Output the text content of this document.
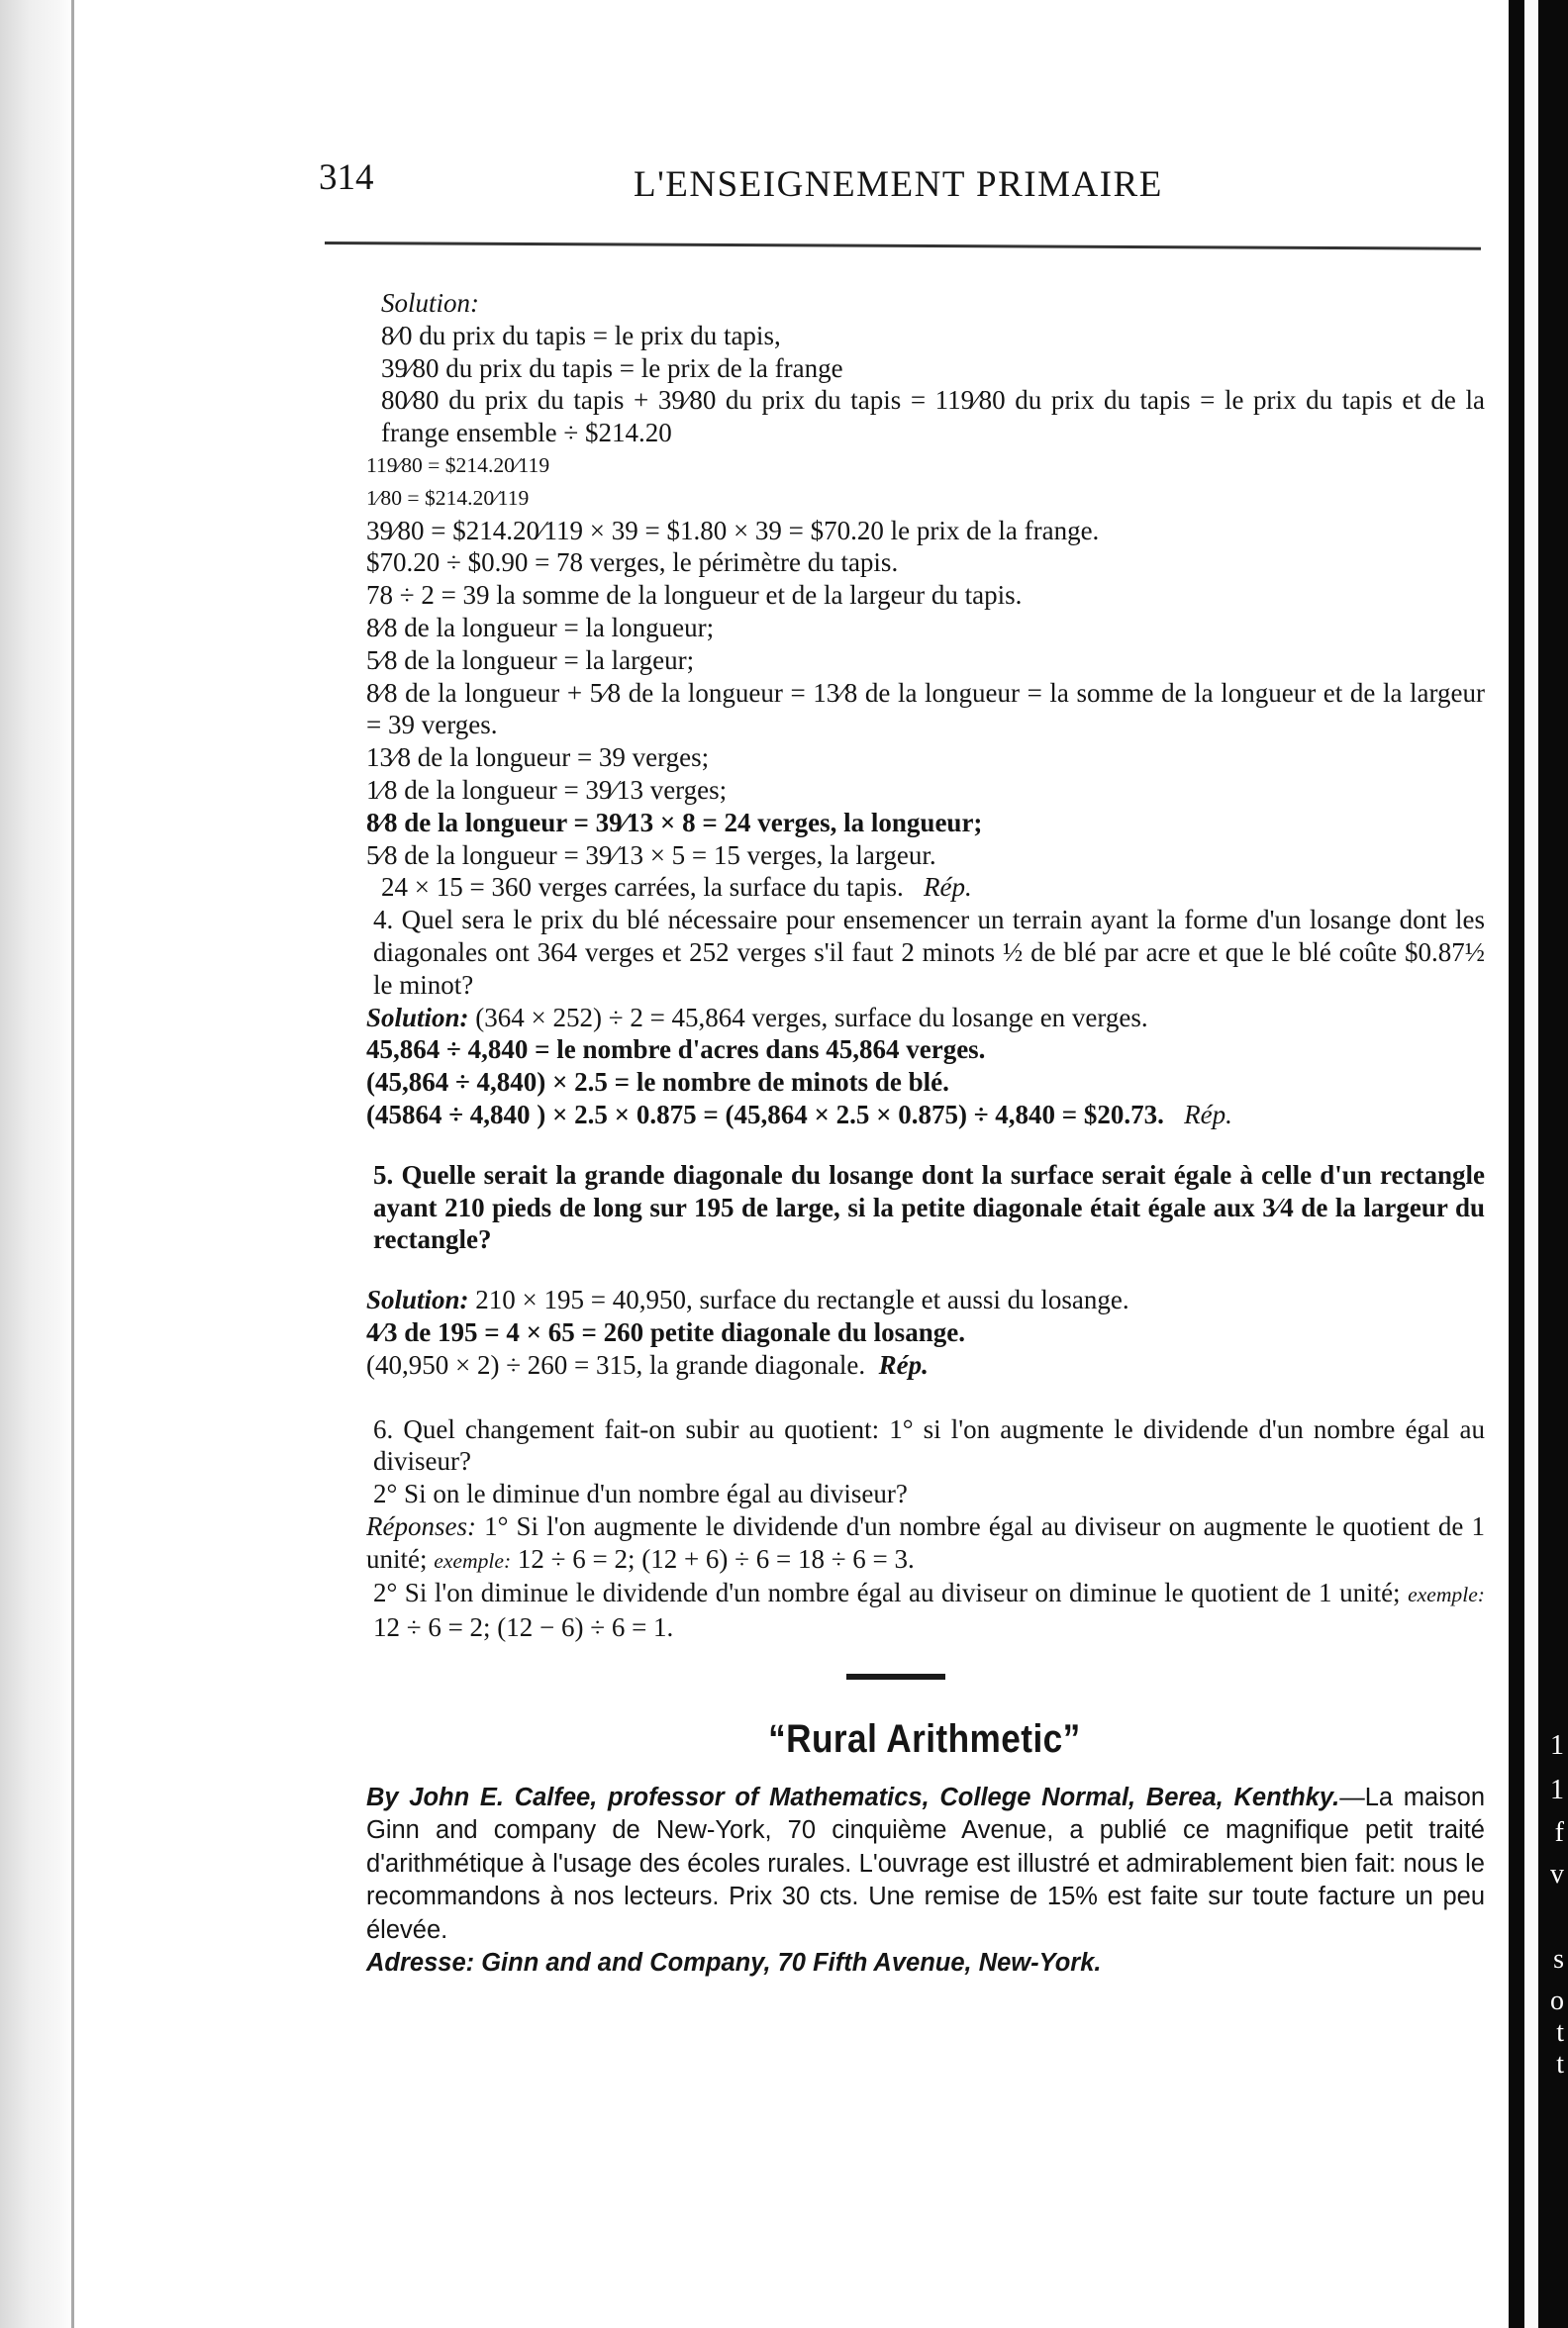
1
1
f
v
s
o
t
t
314	L'ENSEIGNEMENT PRIMAIRE

Solution:

8⁄0 du prix du tapis = le prix du tapis,

39⁄80 du prix du tapis = le prix de la frange

80⁄80 du prix du tapis + 39⁄80 du prix du tapis = 119⁄80 du prix du tapis = le prix du tapis et de la frange ensemble ÷ $214.20

119⁄80 = $214.20⁄119

1⁄80 = $214.20⁄119

39⁄80 = $214.20⁄119 × 39 = $1.80 × 39 = $70.20 le prix de la frange.

$70.20 ÷ $0.90 = 78 verges, le périmètre du tapis.

78 ÷ 2 = 39 la somme de la longueur et de la largeur du tapis.

8⁄8 de la longueur = la longueur;

5⁄8 de la longueur = la largeur;

8⁄8 de la longueur + 5⁄8 de la longueur = 13⁄8 de la longueur = la somme de la longueur et de la largeur = 39 verges.

13⁄8 de la longueur = 39 verges;

1⁄8 de la longueur = 39⁄13 verges;

8⁄8 de la longueur = 39⁄13 × 8 = 24 verges, la longueur;

5⁄8 de la longueur = 39⁄13 × 5 = 15 verges, la largeur.

24 × 15 = 360 verges carrées, la surface du tapis. Rép.

4. Quel sera le prix du blé nécessaire pour ensemencer un terrain ayant la forme d'un losange dont les diagonales ont 364 verges et 252 verges s'il faut 2 minots ½ de blé par acre et que le blé coûte $0.87½ le minot?

Solution: (364 × 252) ÷ 2 = 45,864 verges, surface du losange en verges.

45,864 ÷ 4,840 = le nombre d'acres dans 45,864 verges.

(45,864 ÷ 4,840) × 2.5 = le nombre de minots de blé.

(45864 ÷ 4,840 ) × 2.5 × 0.875 = (45,864 × 2.5 × 0.875) ÷ 4,840 = $20.73. Rép.

5. Quelle serait la grande diagonale du losange dont la surface serait égale à celle d'un rectangle ayant 210 pieds de long sur 195 de large, si la petite diagonale était égale aux 3⁄4 de la largeur du rectangle?

Solution: 210 × 195 = 40,950, surface du rectangle et aussi du losange.

4⁄3 de 195 = 4 × 65 = 260 petite diagonale du losange.

(40,950 × 2) ÷ 260 = 315, la grande diagonale. Rép.

6. Quel changement fait-on subir au quotient: 1° si l'on augmente le dividende d'un nombre égal au diviseur?

2° Si on le diminue d'un nombre égal au diviseur?

Réponses: 1° Si l'on augmente le dividende d'un nombre égal au diviseur on augmente le quotient de 1 unité; exemple: 12 ÷ 6 = 2; (12 + 6) ÷ 6 = 18 ÷ 6 = 3.

2° Si l'on diminue le dividende d'un nombre égal au diviseur on diminue le quotient de 1 unité; exemple: 12 ÷ 6 = 2; (12 − 6) ÷ 6 = 1.

“Rural Arithmetic”

By John E. Calfee, professor of Mathematics, College Normal, Berea, Kenthky.—La maison Ginn and company de New-York, 70 cinquième Avenue, a publié ce magnifique petit traité d'arithmétique à l'usage des écoles rurales. L'ouvrage est illustré et admirablement bien fait: nous le recommandons à nos lecteurs. Prix 30 cts. Une remise de 15% est faite sur toute facture un peu élevée.

Adresse: Ginn and and Company, 70 Fifth Avenue, New-York.
